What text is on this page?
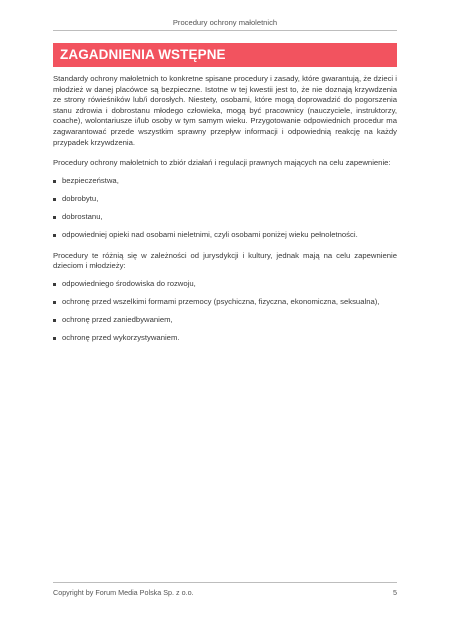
Procedury ochrony małoletnich
ZAGADNIENIA WSTĘPNE

Standardy ochrony małoletnich to konkretne spisane procedury i zasady, które gwarantują, że dzieci i młodzież w danej placówce są bezpieczne. Istotne w tej kwestii jest to, że nie doznają krzywdzenia ze strony rówieśników lub/i dorosłych. Niestety, osobami, które mogą doprowadzić do pogorszenia stanu zdrowia i dobrostanu młodego człowieka, mogą być pracownicy (nauczyciele, instruktorzy, coache), wolontariusze i/lub osoby w tym samym wieku. Przygotowanie odpowiednich procedur ma zagwarantować przede wszystkim sprawny przepływ informacji i odpowiednią reakcję na każdy przypadek krzywdzenia.

Procedury ochrony małoletnich to zbiór działań i regulacji prawnych mających na celu zapewnienie:

bezpieczeństwa,
dobrobytu,
dobrostanu,
odpowiedniej opieki nad osobami nieletnimi, czyli osobami poniżej wieku pełnoletności.

Procedury te różnią się w zależności od jurysdykcji i kultury, jednak mają na celu zapewnienie dzieciom i młodzieży:

odpowiedniego środowiska do rozwoju,
ochronę przed wszelkimi formami przemocy (psychiczna, fizyczna, ekonomiczna, seksualna),
ochronę przed zaniedbywaniem,
ochronę przed wykorzystywaniem.
Copyright by Forum Media Polska Sp. z o.o.	5
